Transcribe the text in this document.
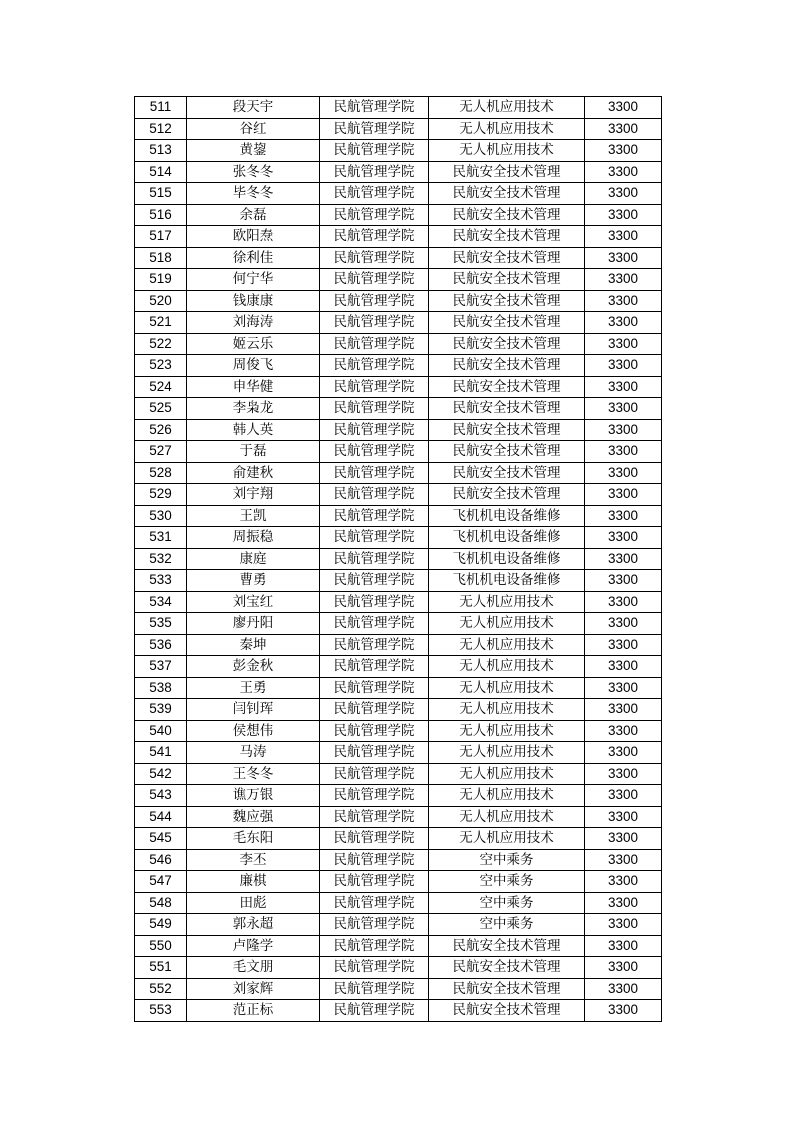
511	段天宇	民航管理学院	无人机应用技术	3300
512	谷红	民航管理学院	无人机应用技术	3300
513	黄鋆	民航管理学院	无人机应用技术	3300
514	张冬冬	民航管理学院	民航安全技术管理	3300
515	毕冬冬	民航管理学院	民航安全技术管理	3300
516	余磊	民航管理学院	民航安全技术管理	3300
517	欧阳焘	民航管理学院	民航安全技术管理	3300
518	徐利佳	民航管理学院	民航安全技术管理	3300
519	何宁华	民航管理学院	民航安全技术管理	3300
520	钱康康	民航管理学院	民航安全技术管理	3300
521	刘海涛	民航管理学院	民航安全技术管理	3300
522	姬云乐	民航管理学院	民航安全技术管理	3300
523	周俊飞	民航管理学院	民航安全技术管理	3300
524	申华健	民航管理学院	民航安全技术管理	3300
525	李枭龙	民航管理学院	民航安全技术管理	3300
526	韩人英	民航管理学院	民航安全技术管理	3300
527	于磊	民航管理学院	民航安全技术管理	3300
528	俞建秋	民航管理学院	民航安全技术管理	3300
529	刘宇翔	民航管理学院	民航安全技术管理	3300
530	王凯	民航管理学院	飞机机电设备维修	3300
531	周振稳	民航管理学院	飞机机电设备维修	3300
532	康庭	民航管理学院	飞机机电设备维修	3300
533	曹勇	民航管理学院	飞机机电设备维修	3300
534	刘宝红	民航管理学院	无人机应用技术	3300
535	廖丹阳	民航管理学院	无人机应用技术	3300
536	秦坤	民航管理学院	无人机应用技术	3300
537	彭金秋	民航管理学院	无人机应用技术	3300
538	王勇	民航管理学院	无人机应用技术	3300
539	闫钊珲	民航管理学院	无人机应用技术	3300
540	侯想伟	民航管理学院	无人机应用技术	3300
541	马涛	民航管理学院	无人机应用技术	3300
542	王冬冬	民航管理学院	无人机应用技术	3300
543	谯万银	民航管理学院	无人机应用技术	3300
544	魏应强	民航管理学院	无人机应用技术	3300
545	毛东阳	民航管理学院	无人机应用技术	3300
546	李丕	民航管理学院	空中乘务	3300
547	廉棋	民航管理学院	空中乘务	3300
548	田彪	民航管理学院	空中乘务	3300
549	郭永超	民航管理学院	空中乘务	3300
550	卢隆学	民航管理学院	民航安全技术管理	3300
551	毛文朋	民航管理学院	民航安全技术管理	3300
552	刘家辉	民航管理学院	民航安全技术管理	3300
553	范正标	民航管理学院	民航安全技术管理	3300
